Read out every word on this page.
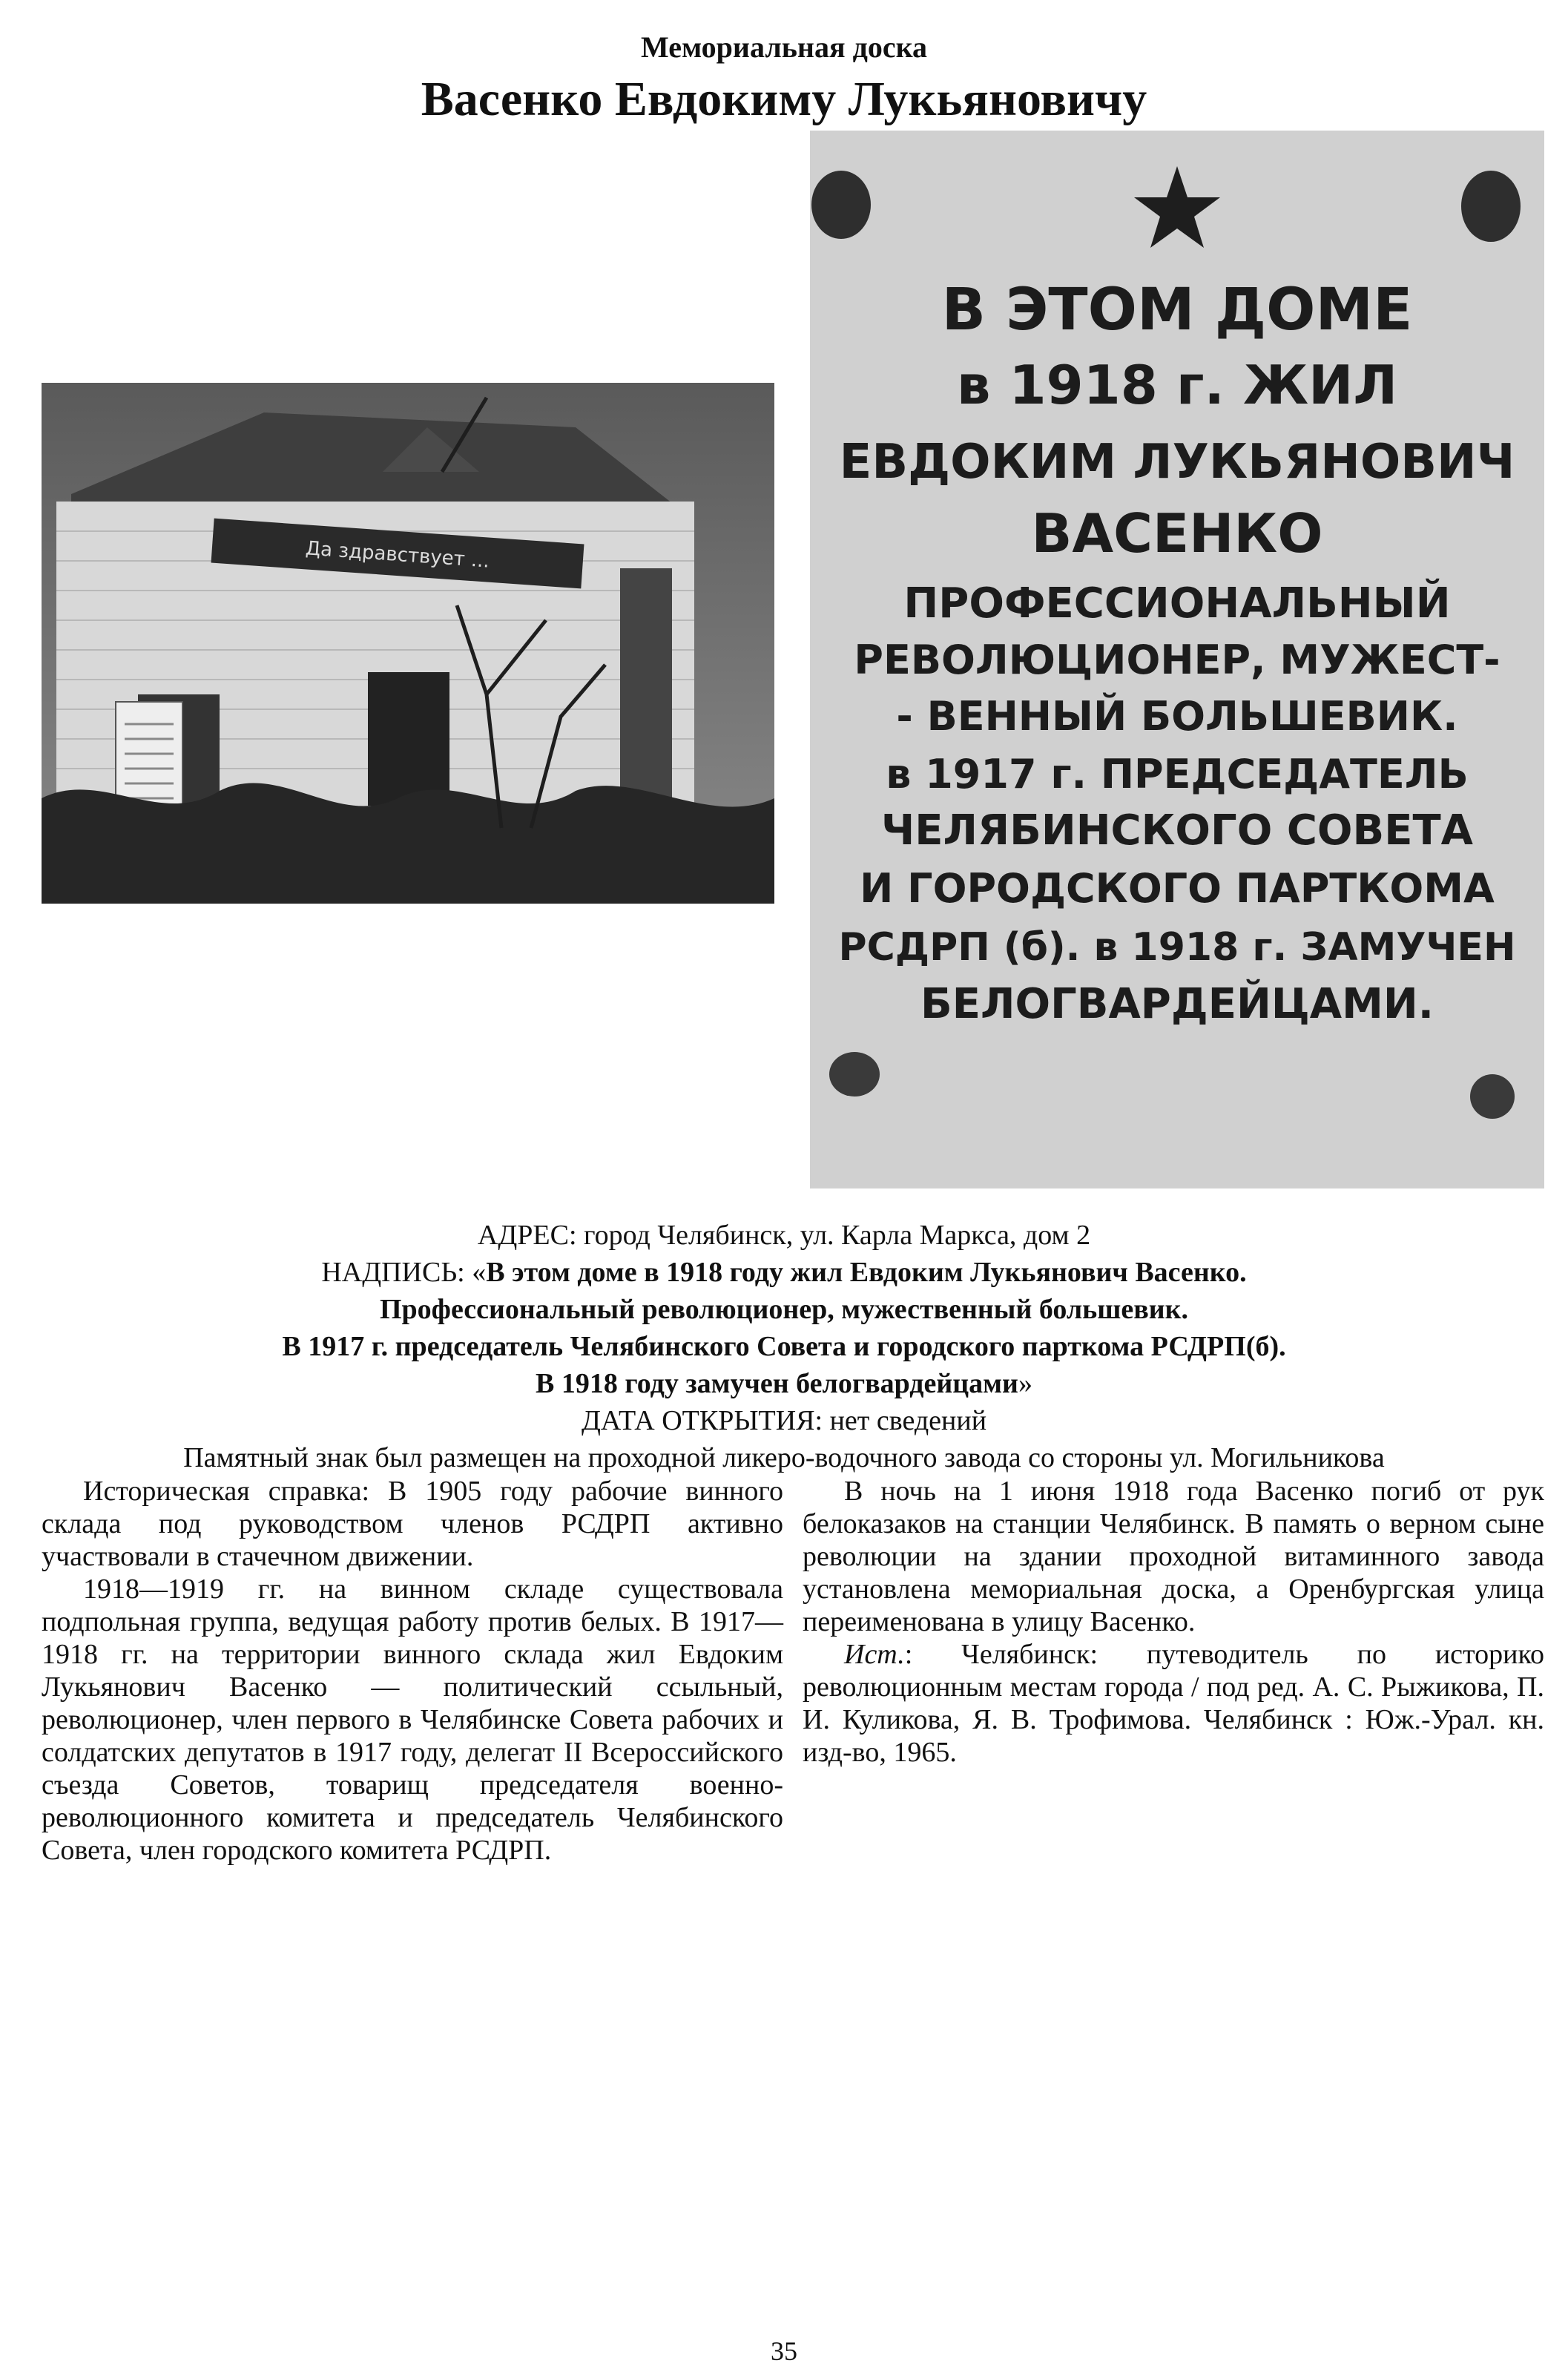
Мемориальная доска
Васенко Евдокиму Лукьяновичу
Да здравствует ...
В ЭТОМ ДОМЕ
в 1918 г. ЖИЛ
ЕВДОКИМ ЛУКЬЯНОВИЧ
ВАСЕНКО
ПРОФЕССИОНАЛЬНЫЙ
РЕВОЛЮЦИОНЕР, МУЖЕСТ-
- ВЕННЫЙ БОЛЬШЕВИК.
в 1917 г. ПРЕДСЕДАТЕЛЬ
ЧЕЛЯБИНСКОГО СОВЕТА
И ГОРОДСКОГО ПАРТКОМА
РСДРП (б). в 1918 г. ЗАМУЧЕН
БЕЛОГВАРДЕЙЦАМИ.
АДРЕС: город Челябинск, ул. Карла Маркса, дом 2
НАДПИСЬ: «В этом доме в 1918 году жил Евдоким Лукьянович Васенко.
Профессиональный революционер, мужественный большевик.
В 1917 г. председатель Челябинского Совета и городского парткома РСДРП(б).
В 1918 году замучен белогвардейцами»
ДАТА ОТКРЫТИЯ: нет сведений
Памятный знак был размещен на проходной ликеро-водочного завода со стороны ул. Могильникова

Историческая справка: В 1905 году рабочие винного склада под руководством членов РСДРП активно участвовали в стачечном движении.

1918—1919 гг. на винном складе существовала подпольная группа, ведущая работу против белых. В 1917—1918 гг. на территории винного склада жил Евдоким Лукьянович Васенко — политический ссыльный, революционер, член первого в Челябинске Совета рабочих и солдатских депутатов в 1917 году, делегат II Всероссийского съезда Советов, товарищ председателя военно-революционного комитета и председатель Челябинского Совета, член городского комитета РСДРП.

В ночь на 1 июня 1918 года Васенко погиб от рук белоказаков на станции Челябинск. В память о верном сыне революции на здании проходной витаминного завода установлена мемориальная доска, а Оренбургская улица переименована в улицу Васенко.

Ист.: Челябинск: путеводитель по историко революционным местам города / под ред. А. С. Рыжикова, П. И. Куликова, Я. В. Трофимова. Челябинск : Юж.-Урал. кн. изд-во, 1965.

35
